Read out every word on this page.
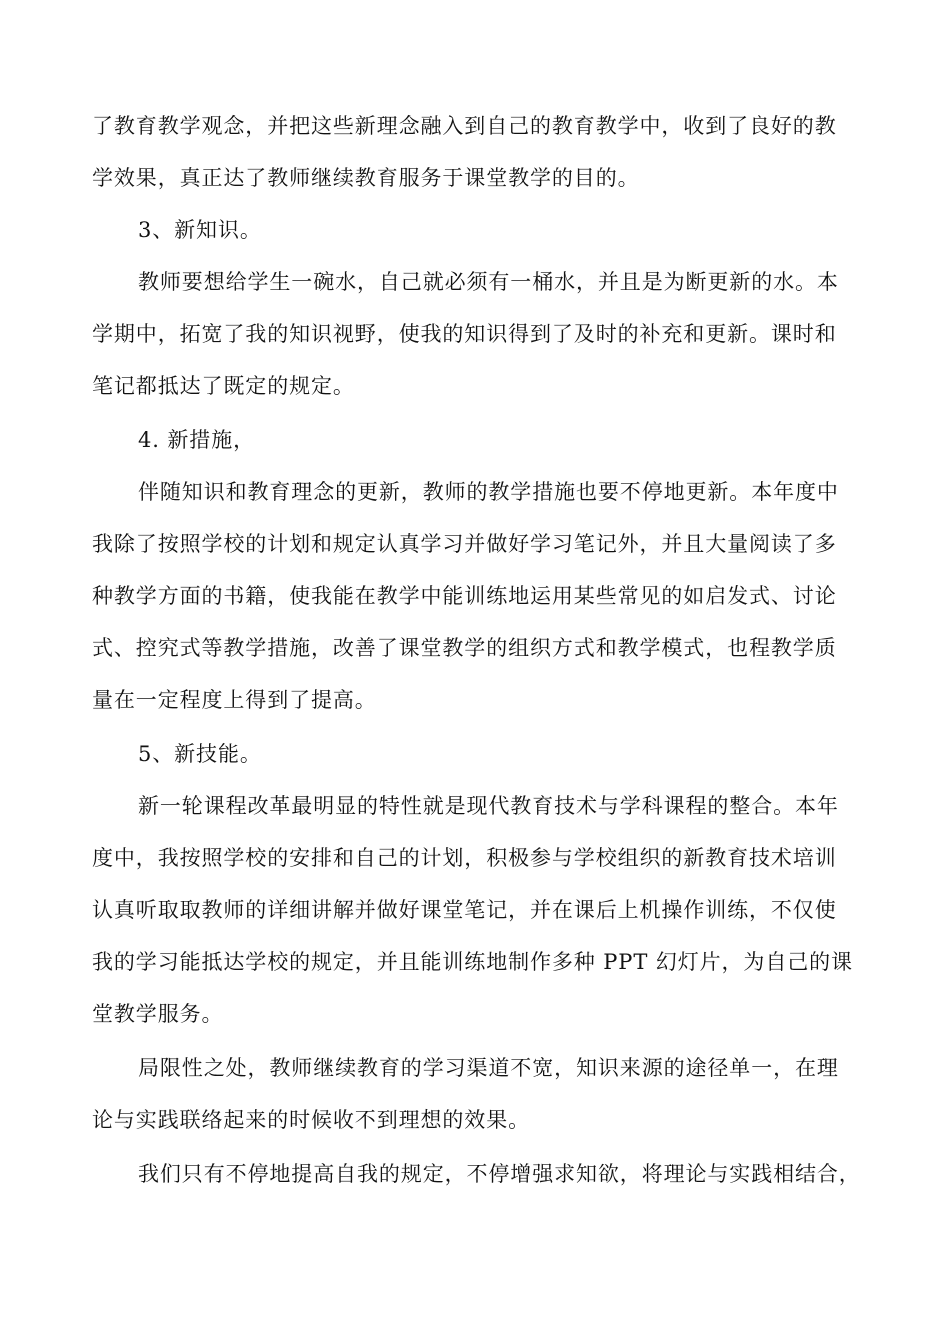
了教育教学观念，并把这些新理念融入到自己的教育教学中，收到了良好的教

学效果，真正达了教师继续教育服务于课堂教学的目的。

3、新知识。

教师要想给学生一碗水，自己就必须有一桶水，并且是为断更新的水。本

学期中，拓宽了我的知识视野，使我的知识得到了及时的补充和更新。课时和

笔记都抵达了既定的规定。

4. 新措施，

伴随知识和教育理念的更新，教师的教学措施也要不停地更新。本年度中

我除了按照学校的计划和规定认真学习并做好学习笔记外，并且大量阅读了多

种教学方面的书籍，使我能在教学中能训练地运用某些常见的如启发式、讨论

式、控究式等教学措施，改善了课堂教学的组织方式和教学模式，也程教学质

量在一定程度上得到了提高。

5、新技能。

新一轮课程改革最明显的特性就是现代教育技术与学科课程的整合。本年

度中，我按照学校的安排和自己的计划，积极参与学校组织的新教育技术培训

认真听取取教师的详细讲解并做好课堂笔记，并在课后上机操作训练，不仅使

我的学习能抵达学校的规定，并且能训练地制作多种 PPT 幻灯片，为自己的课

堂教学服务。

局限性之处，教师继续教育的学习渠道不宽，知识来源的途径单一，在理

论与实践联络起来的时候收不到理想的效果。

我们只有不停地提高自我的规定，不停增强求知欲，将理论与实践相结合，
